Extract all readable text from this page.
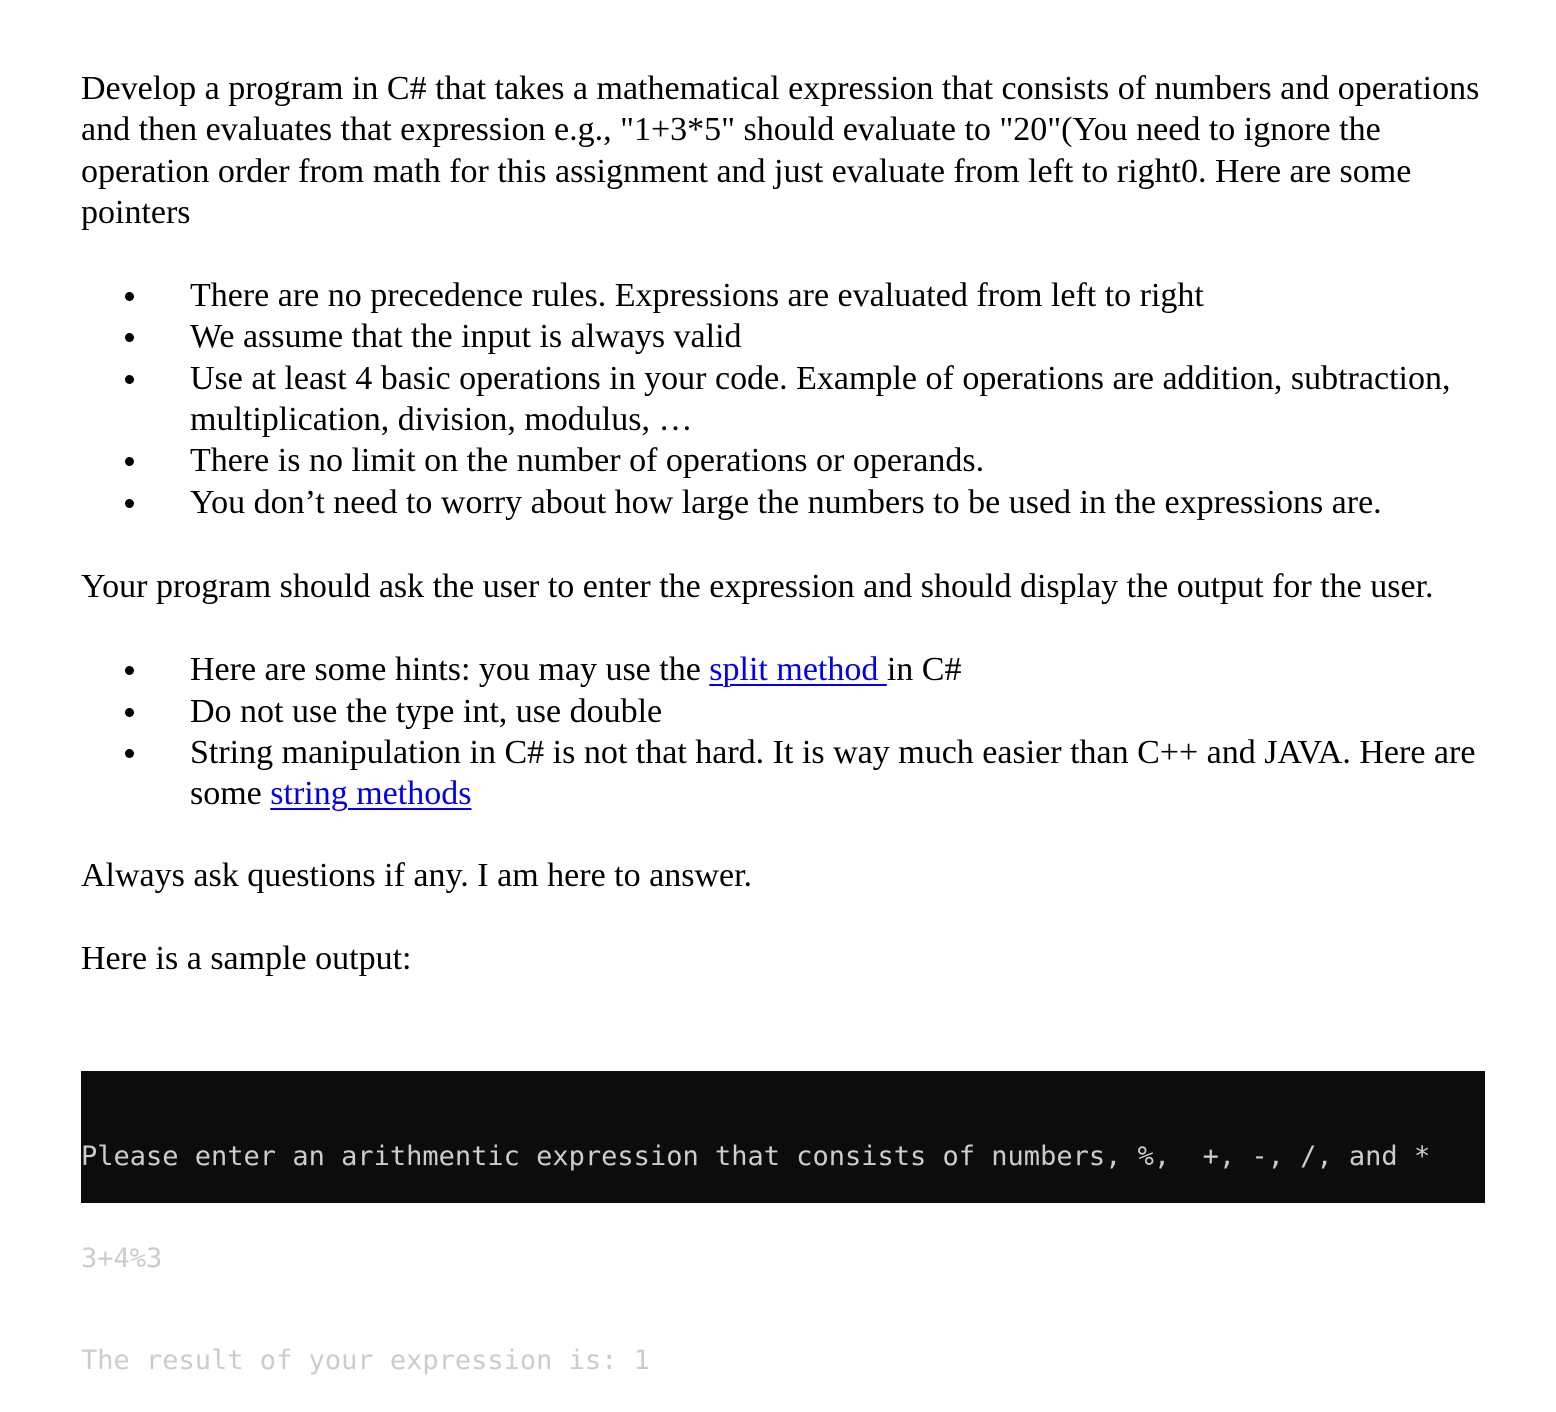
Develop a program in C# that takes a mathematical expression that consists of numbers and operations and then evaluates that expression e.g., "1+3*5" should evaluate to "20"(You need to ignore the operation order from math for this assignment and just evaluate from left to right0. Here are some pointers

There are no precedence rules. Expressions are evaluated from left to right
We assume that the input is always valid
Use at least 4 basic operations in your code. Example of operations are addition, subtraction, multiplication, division, modulus, …
There is no limit on the number of operations or operands.
You don’t need to worry about how large the numbers to be used in the expressions are.

Your program should ask the user to enter the expression and should display the output for the user.

Here are some hints: you may use the split method in C#
Do not use the type int, use double
String manipulation in C# is not that hard. It is way much easier than C++ and JAVA. Here are some string methods

Always ask questions if any. I am here to answer.

Here is a sample output:

Please enter an arithmentic expression that consists of numbers, %,  +, -, /, and *

3+4%3

The result of your expression is: 1
